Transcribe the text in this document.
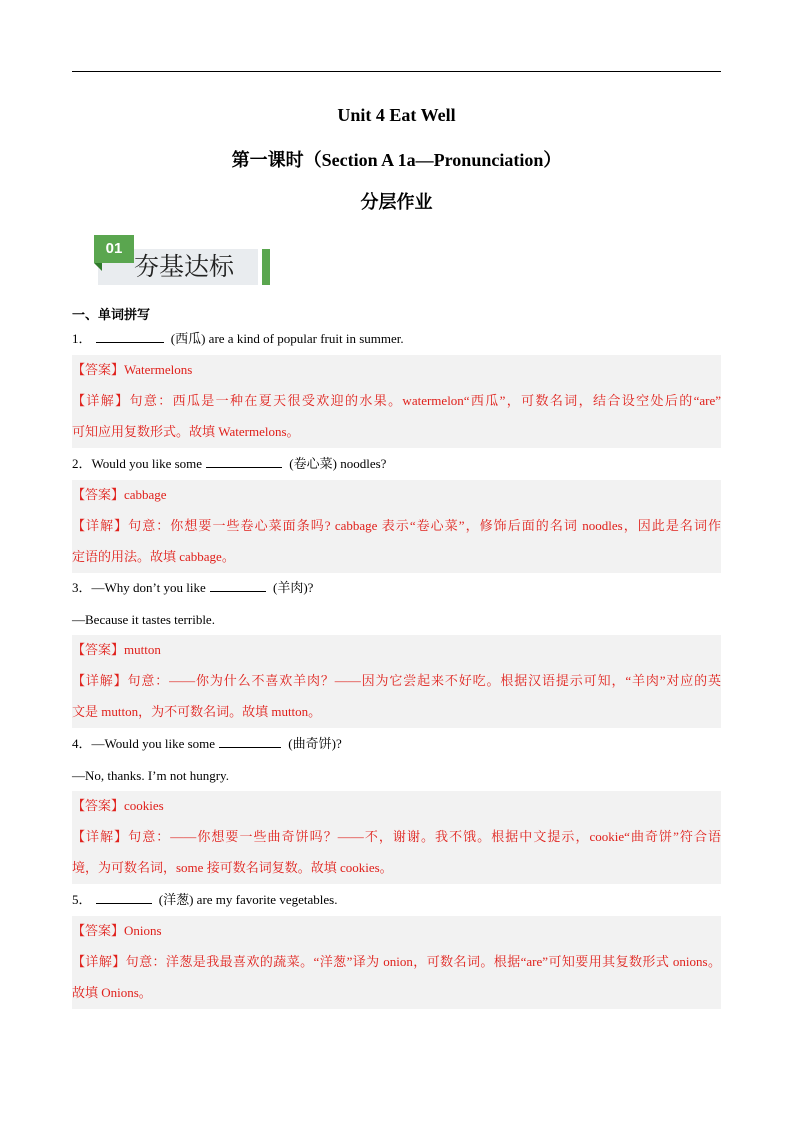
Unit 4 Eat Well
第一课时（Section A 1a—Pronunciation）
分层作业
01
夯基达标
一、单词拼写
1．	(西瓜) are a kind of popular fruit in summer.
【答案】Watermelons
【详解】句意：西瓜是一种在夏天很受欢迎的水果。watermelon“西瓜”，可数名词，结合设空处后的“are”
可知应用复数形式。故填 Watermelons。
2．Would you like some	(卷心菜) noodles?
【答案】cabbage
【详解】句意：你想要一些卷心菜面条吗? cabbage 表示“卷心菜”，修饰后面的名词 noodles，因此是名词作
定语的用法。故填 cabbage。
3．—Why don’t you like	(羊肉)?
—Because it tastes terrible.
【答案】mutton
【详解】句意：——你为什么不喜欢羊肉？——因为它尝起来不好吃。根据汉语提示可知，“羊肉”对应的英
文是 mutton，为不可数名词。故填 mutton。
4．—Would you like some	(曲奇饼)?
—No, thanks. I’m not hungry.
【答案】cookies
【详解】句意：——你想要一些曲奇饼吗？——不，谢谢。我不饿。根据中文提示，cookie“曲奇饼”符合语
境，为可数名词，some 接可数名词复数。故填 cookies。
5．	(洋葱) are my favorite vegetables.
【答案】Onions
【详解】句意：洋葱是我最喜欢的蔬菜。“洋葱”译为 onion，可数名词。根据“are”可知要用其复数形式 onions。
故填 Onions。
